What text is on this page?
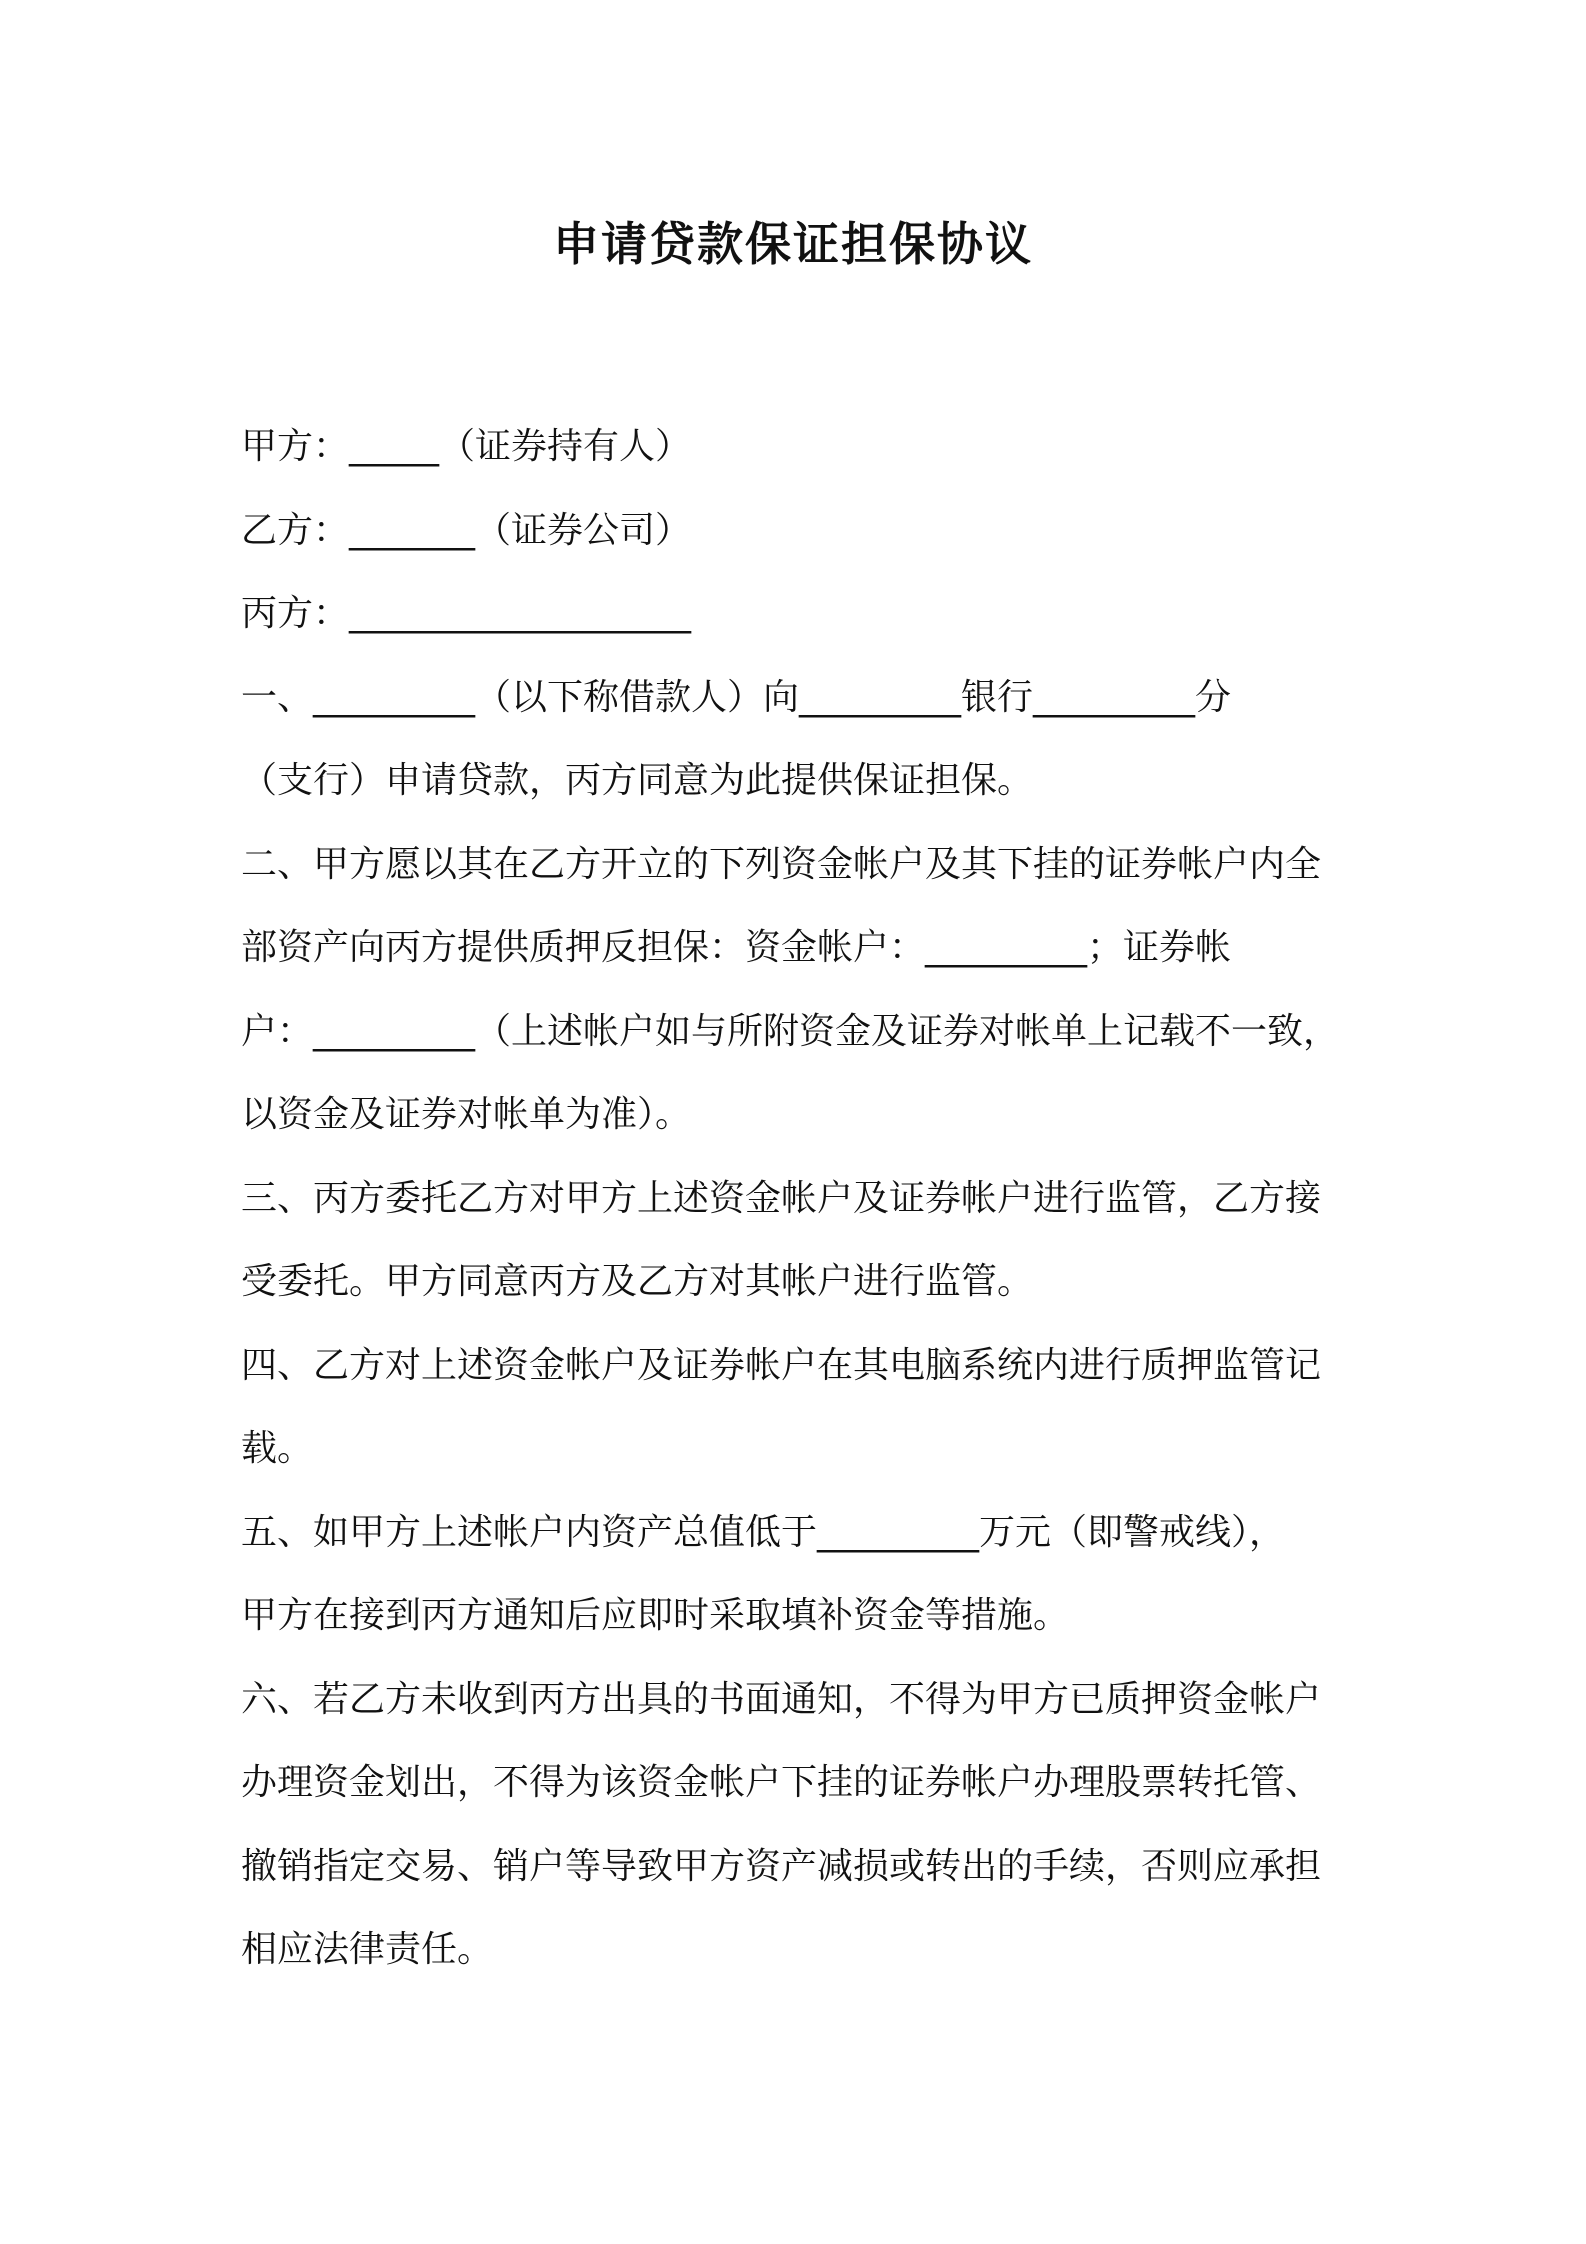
申请贷款保证担保协议

甲方：_____（证券持有人）

乙方：_______（证券公司）

丙方：___________________

一、_________（以下称借款人）向_________银行_________分

（支行）申请贷款，丙方同意为此提供保证担保。

二、甲方愿以其在乙方开立的下列资金帐户及其下挂的证券帐户内全

部资产向丙方提供质押反担保：资金帐户：_________；证券帐

户：_________（上述帐户如与所附资金及证券对帐单上记载不一致，

以资金及证券对帐单为准）。

三、丙方委托乙方对甲方上述资金帐户及证券帐户进行监管，乙方接

受委托。甲方同意丙方及乙方对其帐户进行监管。

四、乙方对上述资金帐户及证券帐户在其电脑系统内进行质押监管记

载。

五、如甲方上述帐户内资产总值低于_________万元（即警戒线），

甲方在接到丙方通知后应即时采取填补资金等措施。

六、若乙方未收到丙方出具的书面通知，不得为甲方已质押资金帐户

办理资金划出，不得为该资金帐户下挂的证券帐户办理股票转托管、

撤销指定交易、销户等导致甲方资产减损或转出的手续，否则应承担

相应法律责任。
